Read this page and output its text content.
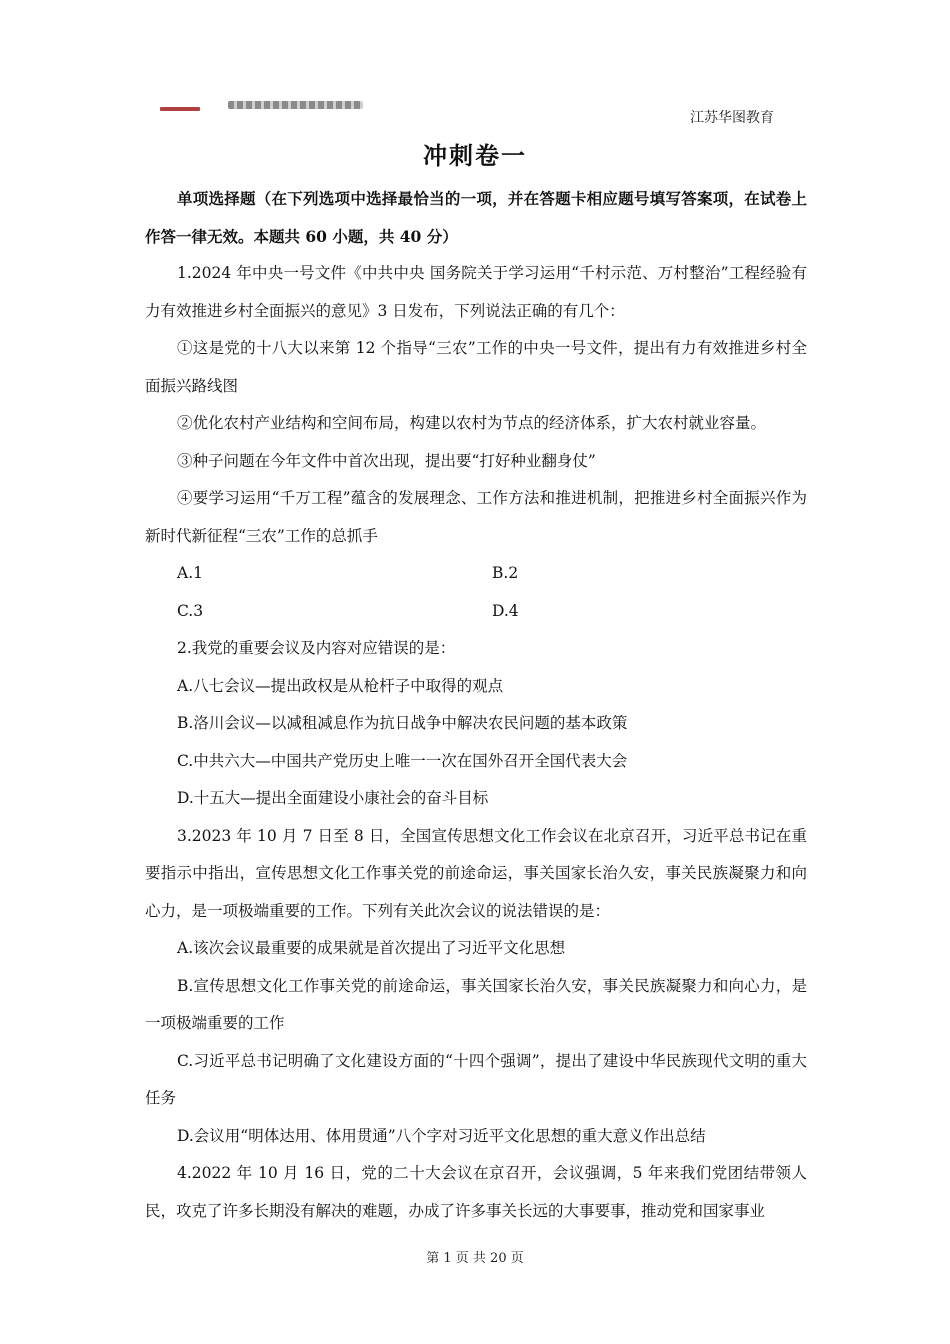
江苏华图教育
冲刺卷一

单项选择题（在下列选项中选择最恰当的一项，并在答题卡相应题号填写答案项，在试卷上作答一律无效。本题共 60 小题，共 40 分）

1.2024 年中央一号文件《中共中央 国务院关于学习运用“千村示范、万村整治”工程经验有力有效推进乡村全面振兴的意见》3 日发布，下列说法正确的有几个：

①这是党的十八大以来第 12 个指导“三农”工作的中央一号文件，提出有力有效推进乡村全面振兴路线图

②优化农村产业结构和空间布局，构建以农村为节点的经济体系，扩大农村就业容量。

③种子问题在今年文件中首次出现，提出要“打好种业翻身仗”

④要学习运用“千万工程”蕴含的发展理念、工作方法和推进机制，把推进乡村全面振兴作为新时代新征程“三农”工作的总抓手

A.1	B.2
C.3	D.4

2.我党的重要会议及内容对应错误的是：

A.八七会议—提出政权是从枪杆子中取得的观点

B.洛川会议—以减租减息作为抗日战争中解决农民问题的基本政策

C.中共六大—中国共产党历史上唯一一次在国外召开全国代表大会

D.十五大—提出全面建设小康社会的奋斗目标

3.2023 年 10 月 7 日至 8 日，全国宣传思想文化工作会议在北京召开，习近平总书记在重要指示中指出，宣传思想文化工作事关党的前途命运，事关国家长治久安，事关民族凝聚力和向心力，是一项极端重要的工作。下列有关此次会议的说法错误的是：

A.该次会议最重要的成果就是首次提出了习近平文化思想

B.宣传思想文化工作事关党的前途命运，事关国家长治久安，事关民族凝聚力和向心力，是一项极端重要的工作

C.习近平总书记明确了文化建设方面的“十四个强调”，提出了建设中华民族现代文明的重大任务

D.会议用“明体达用、体用贯通”八个字对习近平文化思想的重大意义作出总结

4.2022 年 10 月 16 日，党的二十大会议在京召开，会议强调，5 年来我们党团结带领人民，攻克了许多长期没有解决的难题，办成了许多事关长远的大事要事，推动党和国家事业

第 1 页 共 20 页
